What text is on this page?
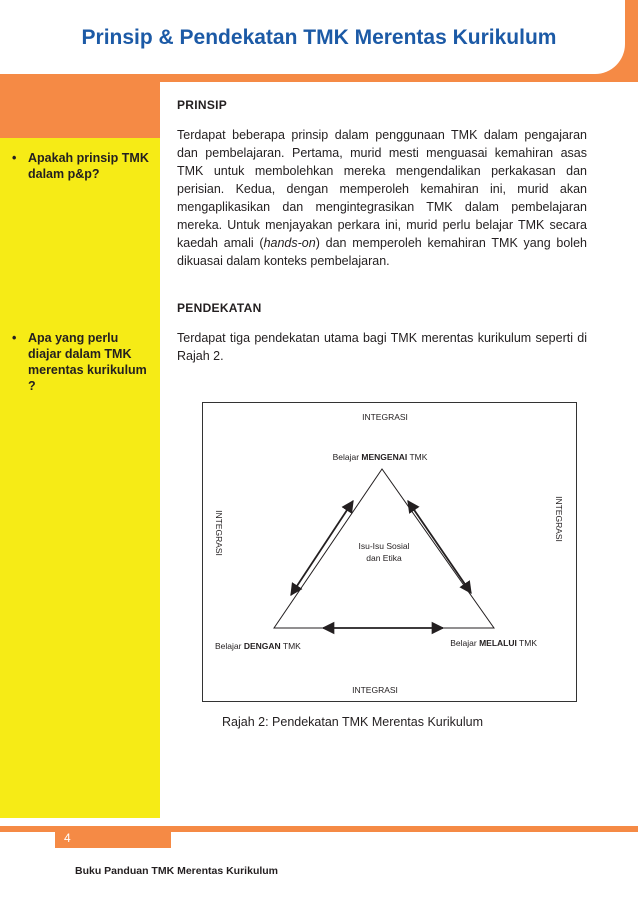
Prinsip & Pendekatan TMK Merentas Kurikulum
• Apakah prinsip TMK dalam p&p?
• Apa yang perlu diajar dalam TMK merentas kurikulum ?
PRINSIP
Terdapat beberapa prinsip dalam penggunaan TMK dalam pengajaran dan pembelajaran. Pertama, murid mesti menguasai kemahiran asas TMK untuk membolehkan mereka mengendalikan perkakasan dan perisian. Kedua, dengan memperoleh kemahiran ini, murid akan mengaplikasikan dan mengintegrasikan TMK dalam pembelajaran mereka. Untuk menjayakan perkara ini, murid perlu belajar TMK secara kaedah amali (hands-on) dan memperoleh kemahiran TMK yang boleh dikuasai dalam konteks pembelajaran.
PENDEKATAN
Terdapat tiga pendekatan utama bagi TMK merentas kurikulum seperti di Rajah 2.
INTEGRASI
INTEGRASI
INTEGRASI	INTEGRASI
Belajar MENGENAI TMK
Belajar DENGAN TMK	Belajar MELALUI TMK
Isu-Isu Sosial
dan Etika
Rajah 2: Pendekatan TMK Merentas Kurikulum
4
Buku Panduan TMK Merentas Kurikulum
